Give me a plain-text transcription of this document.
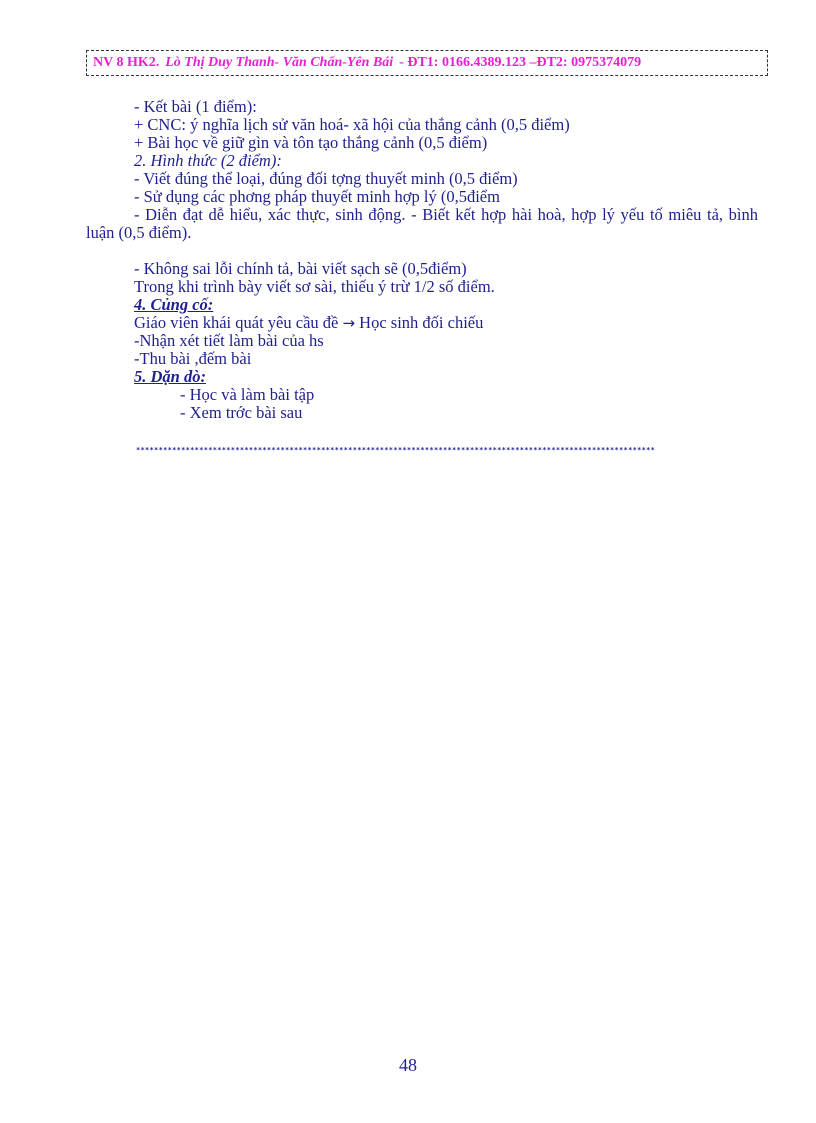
NV 8 HK2. Lò Thị Duy Thanh- Văn Chấn-Yên Bái - ĐT1: 0166.4389.123 –ĐT2: 0975374079
- Kết bài (1 điểm):
+ CNC: ý nghĩa lịch sử văn hoá- xã hội của thắng cảnh (0,5 điểm)
+ Bài học về giữ gìn và tôn tạo thắng cảnh (0,5 điểm)
2. Hình thức (2 điểm):
- Viết đúng thể loại, đúng đối tợng thuyết minh (0,5 điểm)
- Sử dụng các phơng pháp thuyết minh hợp lý (0,5điểm
- Diễn đạt dễ hiểu, xác thực, sinh động. - Biết kết hợp hài hoà, hợp lý yếu tố miêu tả, bình luận (0,5 điểm).
- Không sai lỗi chính tả, bài viết sạch sẽ (0,5điểm)
Trong khi trình bày viết sơ sài, thiếu ý trừ 1/2 số điểm.
4. Củng cố:
Giáo viên khái quát yêu cầu đề → Học sinh đối chiếu
-Nhận xét tiết làm bài của hs
-Thu bài ,đếm bài
5. Dặn dò:
- Học và làm bài tập
- Xem trớc bài sau
*******************************************************************************************************************
48
